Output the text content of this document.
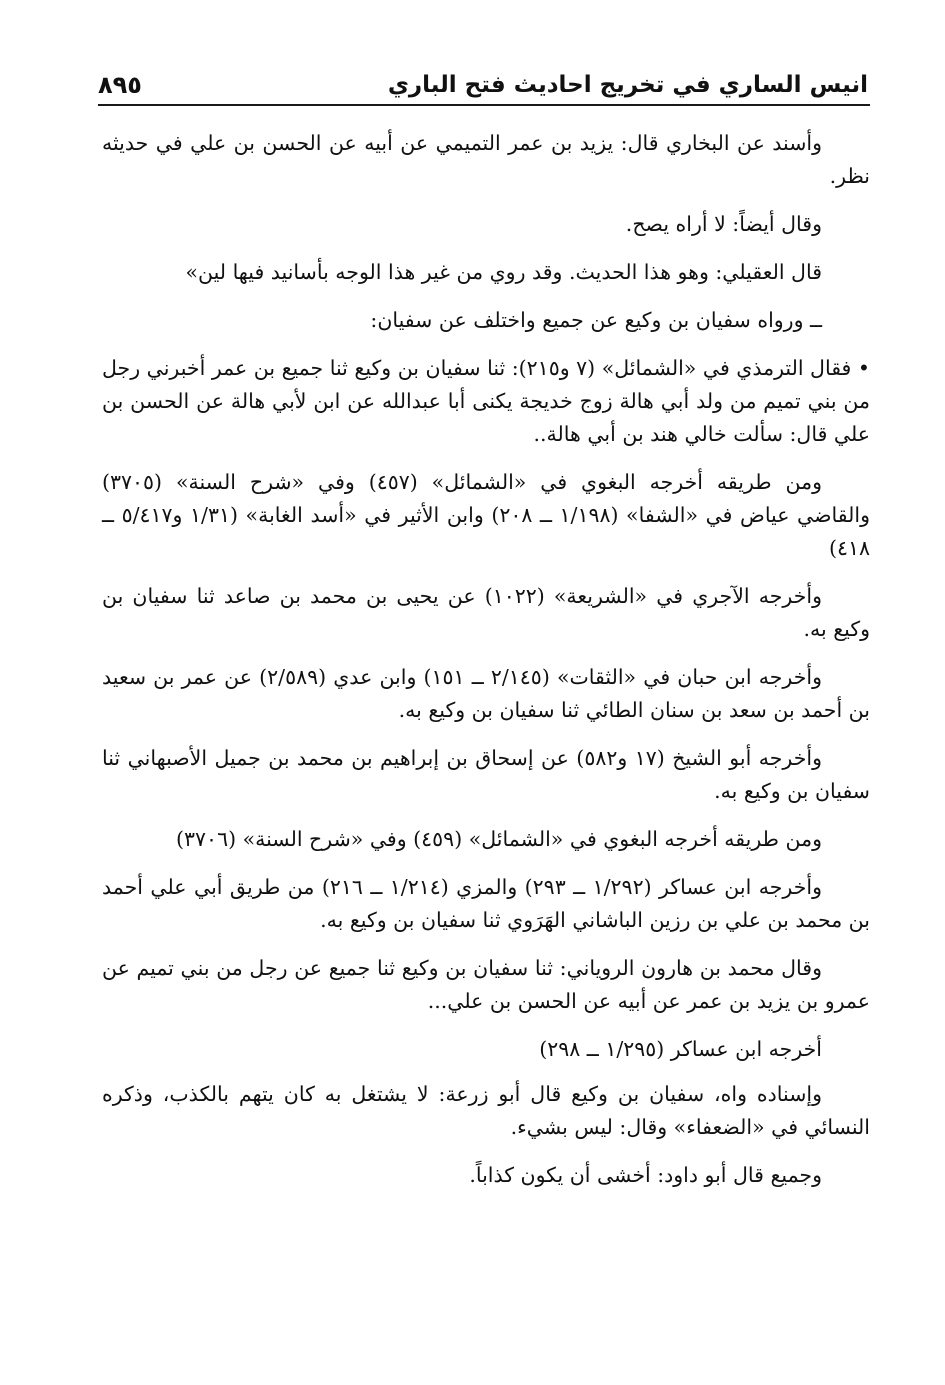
انيس الساري في تخريج احاديث فتح الباري
٨٩٥

وأسند عن البخاري قال: يزيد بن عمر التميمي عن أبيه عن الحسن بن علي في حديثه نظر.

وقال أيضاً: لا أراه يصح.

قال العقيلي: وهو هذا الحديث. وقد روي من غير هذا الوجه بأسانيد فيها لين»

ــ ورواه سفيان بن وكيع عن جميع واختلف عن سفيان:

• فقال الترمذي في «الشمائل» (٧ و٢١٥): ثنا سفيان بن وكيع ثنا جميع بن عمر أخبرني رجل من بني تميم من ولد أبي هالة زوج خديجة يكنى أبا عبدالله عن ابن لأبي هالة عن الحسن بن علي قال: سألت خالي هند بن أبي هالة..

ومن طريقه أخرجه البغوي في «الشمائل» (٤٥٧) وفي «شرح السنة» (٣٧٠٥) والقاضي عياض في «الشفا» (١/١٩٨ ــ ٢٠٨) وابن الأثير في «أسد الغابة» (١/٣١ و٥/٤١٧ ــ ٤١٨)

وأخرجه الآجري في «الشريعة» (١٠٢٢) عن يحيى بن محمد بن صاعد ثنا سفيان بن وكيع به.

وأخرجه ابن حبان في «الثقات» (٢/١٤٥ ــ ١٥١) وابن عدي (٢/٥٨٩) عن عمر بن سعيد بن أحمد بن سعد بن سنان الطائي ثنا سفيان بن وكيع به.

وأخرجه أبو الشيخ (١٧ و٥٨٢) عن إسحاق بن إبراهيم بن محمد بن جميل الأصبهاني ثنا سفيان بن وكيع به.

ومن طريقه أخرجه البغوي في «الشمائل» (٤٥٩) وفي «شرح السنة» (٣٧٠٦)

وأخرجه ابن عساكر (١/٢٩٢ ــ ٢٩٣) والمزي (١/٢١٤ ــ ٢١٦) من طريق أبي علي أحمد بن محمد بن علي بن رزين الباشاني الهَرَوي ثنا سفيان بن وكيع به.

وقال محمد بن هارون الروياني: ثنا سفيان بن وكيع ثنا جميع عن رجل من بني تميم عن عمرو بن يزيد بن عمر عن أبيه عن الحسن بن علي...

أخرجه ابن عساكر (١/٢٩٥ ــ ٢٩٨)

وإسناده واه، سفيان بن وكيع قال أبو زرعة: لا يشتغل به كان يتهم بالكذب، وذكره النسائي في «الضعفاء» وقال: ليس بشيء.

وجميع قال أبو داود: أخشى أن يكون كذاباً.
